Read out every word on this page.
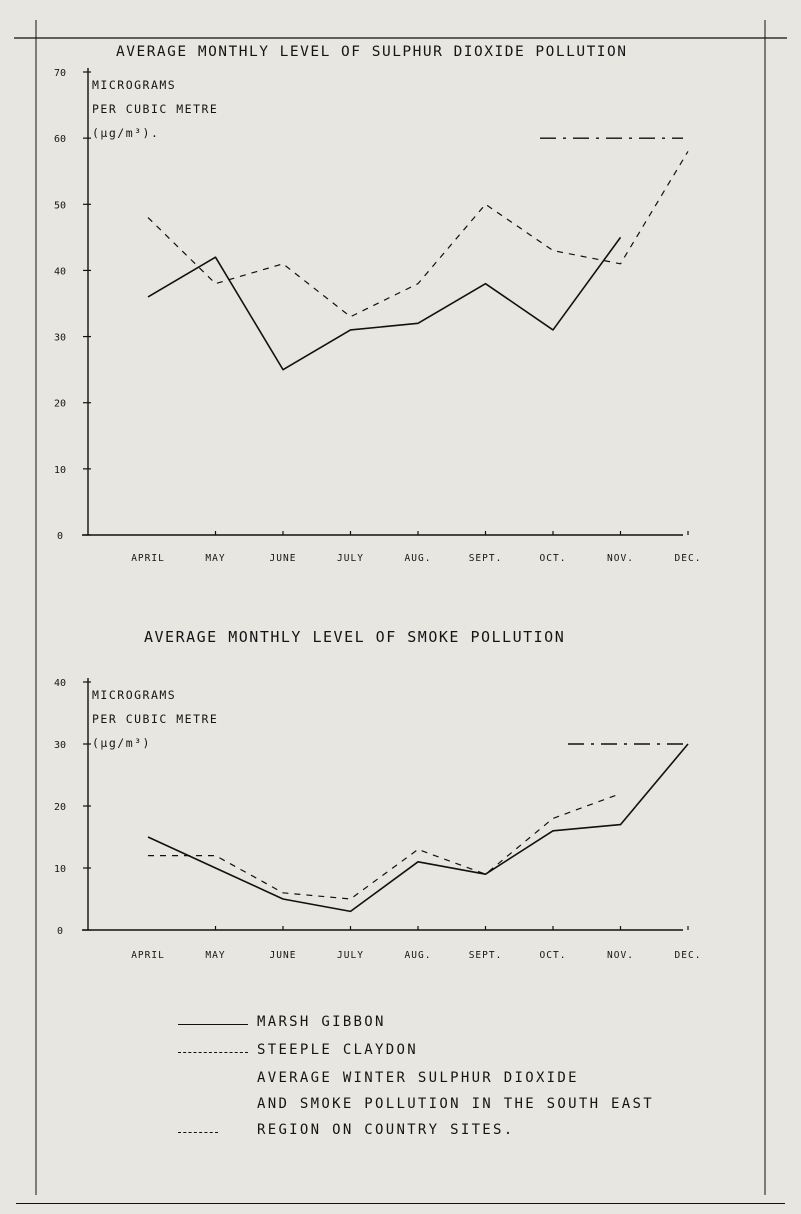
AVERAGE MONTHLY LEVEL OF SULPHUR DIOXIDE POLLUTION
MICROGRAMS
PER CUBIC METRE
(µg/m³).
0
10
20
30
40
50
60
70
APRIL	MAY	JUNE	JULY	AUG.	SEPT.	OCT.	NOV.	DEC.
AVERAGE MONTHLY LEVEL OF SMOKE POLLUTION
MICROGRAMS
PER CUBIC METRE
(µg/m³)
0
10
20
30
40
APRIL	MAY	JUNE	JULY	AUG.	SEPT.	OCT.	NOV.	DEC.
MARSH GIBBON
STEEPLE CLAYDON
AVERAGE WINTER SULPHUR DIOXIDE
AND SMOKE POLLUTION IN THE SOUTH EAST
REGION ON COUNTRY SITES.
